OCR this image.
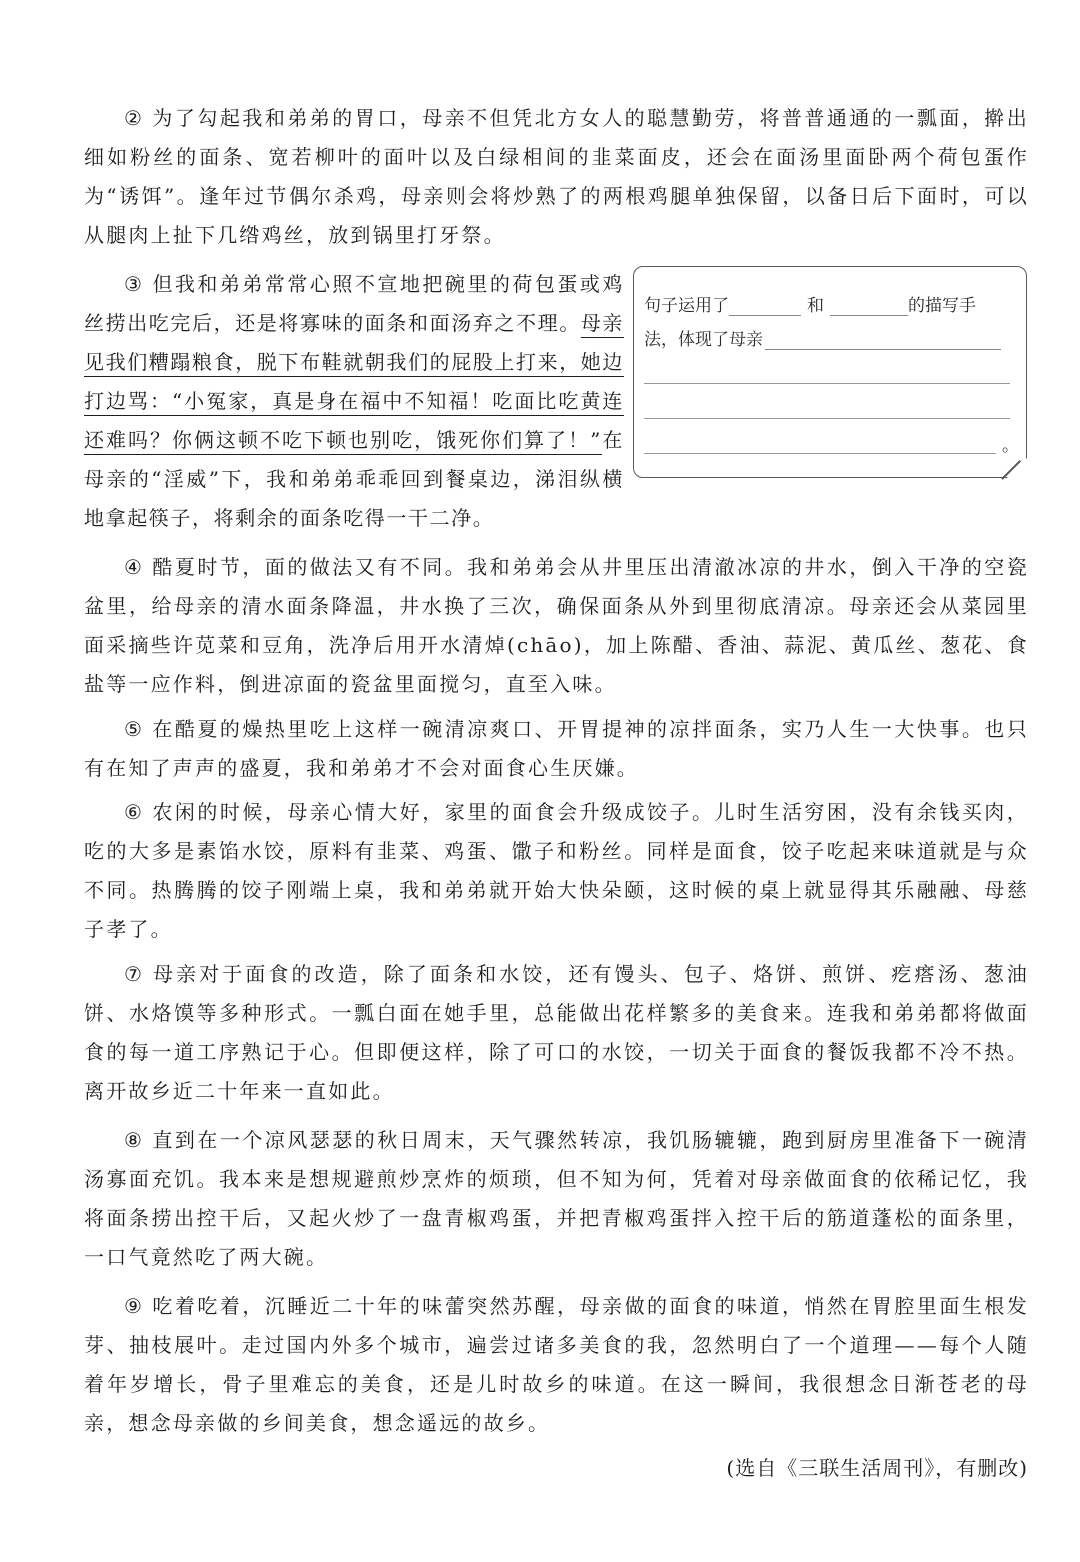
② 为了勾起我和弟弟的胃口，母亲不但凭北方女人的聪慧勤劳，将普普通通的一瓢面，擀出细如粉丝的面条、宽若柳叶的面叶以及白绿相间的韭菜面皮，还会在面汤里面卧两个荷包蛋作为“诱饵”。逢年过节偶尔杀鸡，母亲则会将炒熟了的两根鸡腿单独保留，以备日后下面时，可以从腿肉上扯下几绺鸡丝，放到锅里打牙祭。

③ 但我和弟弟常常心照不宣地把碗里的荷包蛋或鸡丝捞出吃完后，还是将寡味的面条和面汤弃之不理。母亲见我们糟蹋粮食，脱下布鞋就朝我们的屁股上打来，她边打边骂：“小冤家，真是身在福中不知福！吃面比吃黄连还难吗？你俩这顿不吃下顿也别吃，饿死你们算了！”在母亲的“淫威”下，我和弟弟乖乖回到餐桌边，涕泪纵横地拿起筷子，将剩余的面条吃得一干二净。

句子运用了	和	的描写手
法，体现了母亲
。

④ 酷夏时节，面的做法又有不同。我和弟弟会从井里压出清澈冰凉的井水，倒入干净的空瓷盆里，给母亲的清水面条降温，井水换了三次，确保面条从外到里彻底清凉。母亲还会从菜园里面采摘些许苋菜和豆角，洗净后用开水清焯(chāo)，加上陈醋、香油、蒜泥、黄瓜丝、葱花、食盐等一应作料，倒进凉面的瓷盆里面搅匀，直至入味。

⑤ 在酷夏的燥热里吃上这样一碗清凉爽口、开胃提神的凉拌面条，实乃人生一大快事。也只有在知了声声的盛夏，我和弟弟才不会对面食心生厌嫌。

⑥ 农闲的时候，母亲心情大好，家里的面食会升级成饺子。儿时生活穷困，没有余钱买肉，吃的大多是素馅水饺，原料有韭菜、鸡蛋、馓子和粉丝。同样是面食，饺子吃起来味道就是与众不同。热腾腾的饺子刚端上桌，我和弟弟就开始大快朵颐，这时候的桌上就显得其乐融融、母慈子孝了。

⑦ 母亲对于面食的改造，除了面条和水饺，还有馒头、包子、烙饼、煎饼、疙瘩汤、葱油饼、水烙馍等多种形式。一瓢白面在她手里，总能做出花样繁多的美食来。连我和弟弟都将做面食的每一道工序熟记于心。但即便这样，除了可口的水饺，一切关于面食的餐饭我都不冷不热。离开故乡近二十年来一直如此。

⑧ 直到在一个凉风瑟瑟的秋日周末，天气骤然转凉，我饥肠辘辘，跑到厨房里准备下一碗清汤寡面充饥。我本来是想规避煎炒烹炸的烦琐，但不知为何，凭着对母亲做面食的依稀记忆，我将面条捞出控干后，又起火炒了一盘青椒鸡蛋，并把青椒鸡蛋拌入控干后的筋道蓬松的面条里，一口气竟然吃了两大碗。

⑨ 吃着吃着，沉睡近二十年的味蕾突然苏醒，母亲做的面食的味道，悄然在胃腔里面生根发芽、抽枝展叶。走过国内外多个城市，遍尝过诸多美食的我，忽然明白了一个道理——每个人随着年岁增长，骨子里难忘的美食，还是儿时故乡的味道。在这一瞬间，我很想念日渐苍老的母亲，想念母亲做的乡间美食，想念遥远的故乡。

(选自《三联生活周刊》，有删改)
